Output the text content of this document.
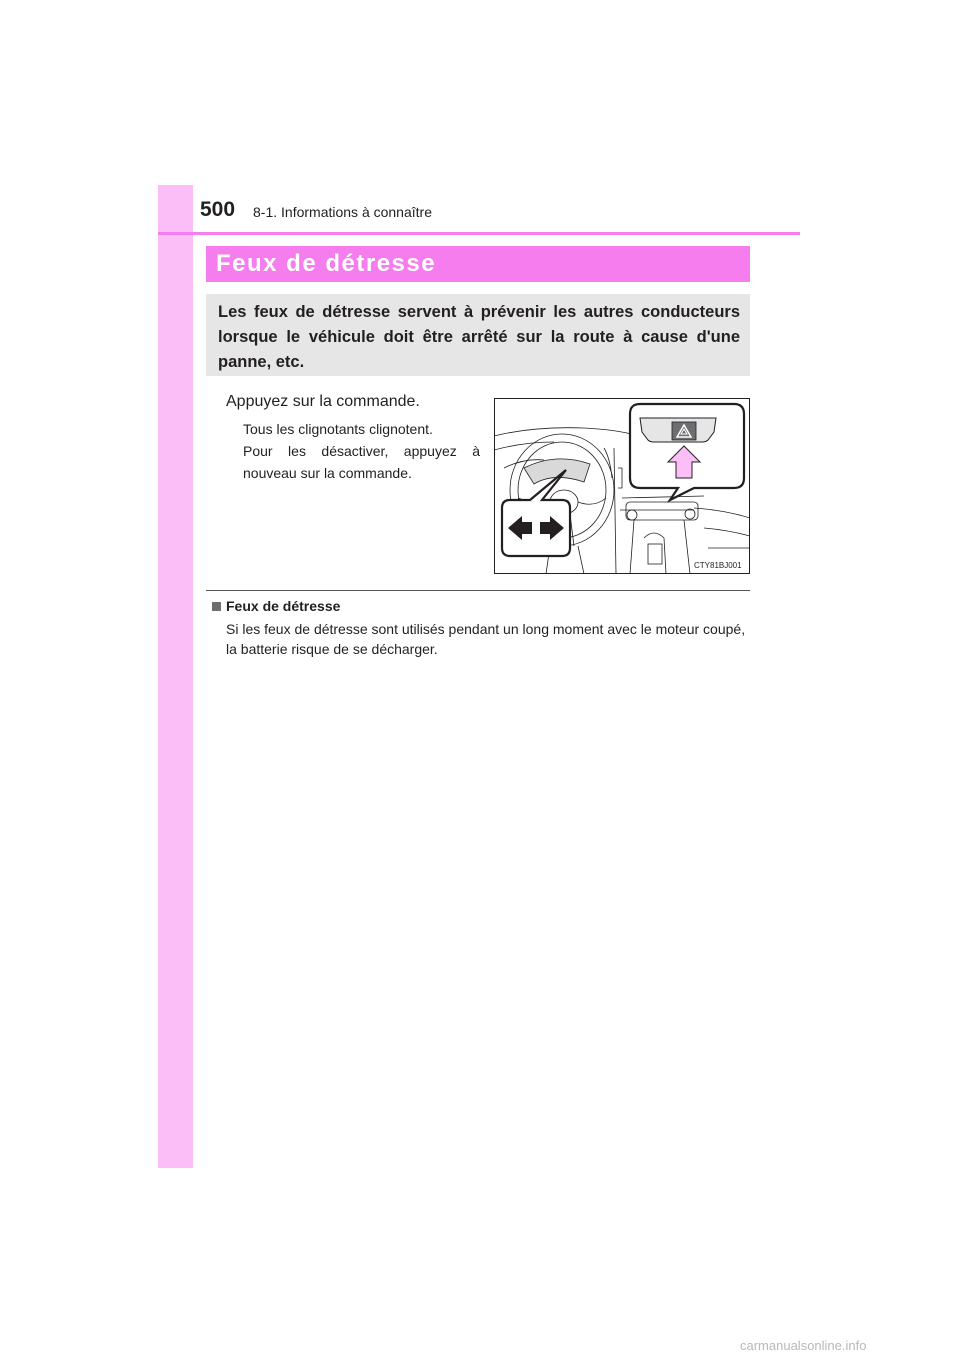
500 8-1. Informations à connaître
Feux de détresse

Les feux de détresse servent à prévenir les autres conducteurs lorsque le véhicule doit être arrêté sur la route à cause d'une panne, etc.

Appuyez sur la commande.

Tous les clignotants clignotent.

Pour les désactiver, appuyez à nouveau sur la commande.

CTY81BJ001
Feux de détresse

Si les feux de détresse sont utilisés pendant un long moment avec le moteur coupé, la batterie risque de se décharger.

carmanualsonline.info
